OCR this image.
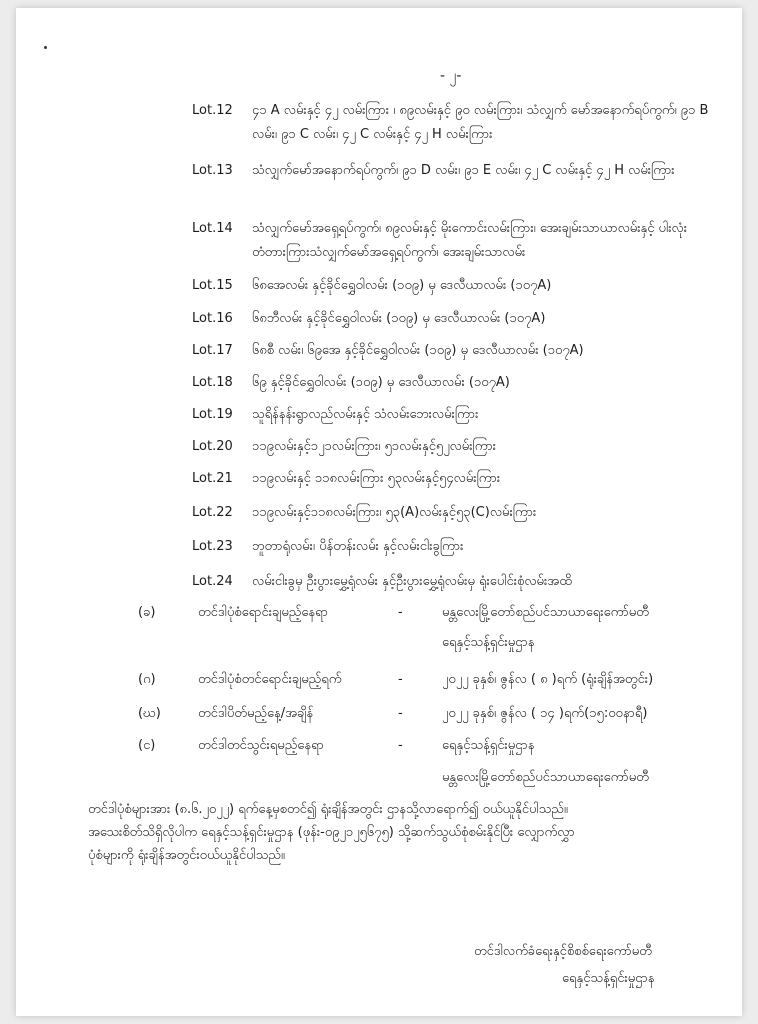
- ၂-
Lot.12 ၄၁ A လမ်းနှင့် ၄၂ လမ်းကြား ၊ ၈၉လမ်းနှင့် ၉၀ လမ်းကြား၊ သံလျှက် မော်အနောက်ရပ်ကွက်၊ ၉၁ B လမ်း၊ ၉၁ C လမ်း၊ ၄၂ C လမ်းနှင့် ၄၂ H လမ်းကြား
Lot.13 သံလျှက်မော်အနောက်ရပ်ကွက်၊ ၉၁ D လမ်း၊ ၉၁ E လမ်း၊ ၄၂ C လမ်းနှင့် ၄၂ H လမ်းကြား
Lot.14 သံလျှက်မော်အရှေ့ရပ်ကွက်၊ ၈၉လမ်းနှင့် မိုးကောင်းလမ်းကြား၊ အေးချမ်းသာယာလမ်းနှင့် ပါးလုံးတံတားကြားသံလျှက်မော်အရှေ့ရပ်ကွက်၊ အေးချမ်းသာလမ်း
Lot.15 ၆၈အေလမ်း နှင့်ခိုင်ရွှေဝါလမ်း (၁၀၉) မှ ဒေလီယာလမ်း (၁၀၇A)
Lot.16 ၆၈ဘီလမ်း နှင့်ခိုင်ရွှေဝါလမ်း (၁၀၉) မှ ဒေလီယာလမ်း (၁၀၇A)
Lot.17 ၆၈စီ လမ်း၊ ၆၉အေ နှင့်ခိုင်ရွှေဝါလမ်း (၁၀၉) မှ ဒေလီယာလမ်း (၁၀၇A)
Lot.18 ၆၉ နှင့်ခိုင်ရွှေဝါလမ်း (၁၀၉) မှ ဒေလီယာလမ်း (၁၀၇A)
Lot.19 သူရိန်နန်းရွာလည်လမ်းနှင့် သံလမ်းဘေးလမ်းကြား
Lot.20 ၁၁၉လမ်းနှင့်၁၂၁လမ်းကြား၊ ၅၁လမ်းနှင့်၅၂လမ်းကြား
Lot.21 ၁၁၉လမ်းနှင့် ၁၁၈လမ်းကြား ၅၃လမ်းနှင့်၅၄လမ်းကြား
Lot.22 ၁၁၉လမ်းနှင့်၁၁၈လမ်းကြား၊ ၅၃(A)လမ်းနှင့်၅၃(C)လမ်းကြား
Lot.23 ဘူတာရုံလမ်း၊ ပိန်တန်းလမ်း နှင့်လမ်းငါးခွကြား
Lot.24 လမ်းငါးခွမှ ဦးပွားမွှေ့ရုံလမ်း နှင့်ဦးပွားမွှေ့ရုံလမ်းမှ ရုံးပေါင်းစုံလမ်းအထိ
(ခ)	တင်ဒါပုံစံရောင်းချမည့်နေရာ	-	မန္တလေးမြို့တော်စည်ပင်သာယာရေးကော်မတီ
ရေနှင့်သန့်ရှင်းမှုဌာန
(ဂ)	တင်ဒါပုံစံတင်ရောင်းချမည့်ရက်	-	၂၀၂၂ ခုနှစ်၊ ဇွန်လ ( ၈ )ရက် (ရုံးချိန်အတွင်း)
(ဃ)	တင်ဒါပိတ်မည့်နေ့/အချိန်	-	၂၀၂၂ ခုနှစ်၊ ဇွန်လ ( ၁၄ )ရက်(၁၅:၀၀နာရီ)
(င)	တင်ဒါတင်သွင်းရမည့်နေရာ	-	ရေနှင့်သန့်ရှင်းမှုဌာန
မန္တလေးမြို့တော်စည်ပင်သာယာရေးကော်မတီ
တင်ဒါပုံစံများအား (၈.၆.၂၀၂၂) ရက်နေ့မှစတင်၍ ရုံးချိန်အတွင်း ဌာနသို့လာရောက်၍ ဝယ်ယူနိုင်ပါသည်။
အသေးစိတ်သိရှိလိုပါက ရေနှင့်သန့်ရှင်းမှုဌာန (ဖုန်း-၀၉၂၁၂၅၆၇၅) သို့ဆက်သွယ်စုံစမ်းနိုင်ပြီး လျှောက်လွှာ
ပုံစံများကို ရုံးချိန်အတွင်းဝယ်ယူနိုင်ပါသည်။
တင်ဒါလက်ခံရေးနှင့်စိစစ်ရေးကော်မတီ
ရေနှင့်သန့်ရှင်းမှုဌာန
